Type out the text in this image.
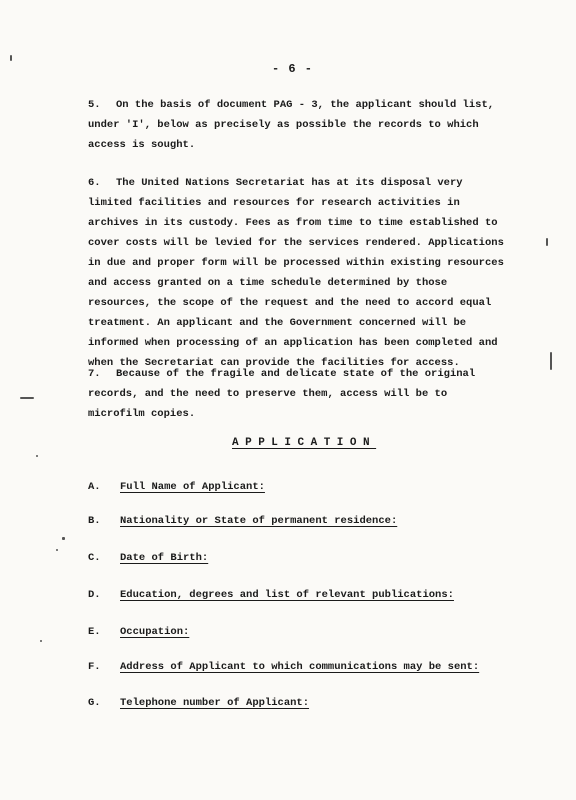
- 6 -

5. On the basis of document PAG - 3, the applicant should list, under 'I', below as precisely as possible the records to which access is sought.

6. The United Nations Secretariat has at its disposal very limited facilities and resources for research activities in archives in its custody. Fees as from time to time established to cover costs will be levied for the services rendered. Applications in due and proper form will be processed within existing resources and access granted on a time schedule determined by those resources, the scope of the request and the need to accord equal treatment. An applicant and the Government concerned will be informed when processing of an application has been completed and when the Secretariat can provide the facilities for access.

7. Because of the fragile and delicate state of the original records, and the need to preserve them, access will be to microfilm copies.

APPLICATION
A.	Full Name of Applicant:
B.	Nationality or State of permanent residence:
C.	Date of Birth:
D.	Education, degrees and list of relevant publications:
E.	Occupation:
F.	Address of Applicant to which communications may be sent:
G.	Telephone number of Applicant:
